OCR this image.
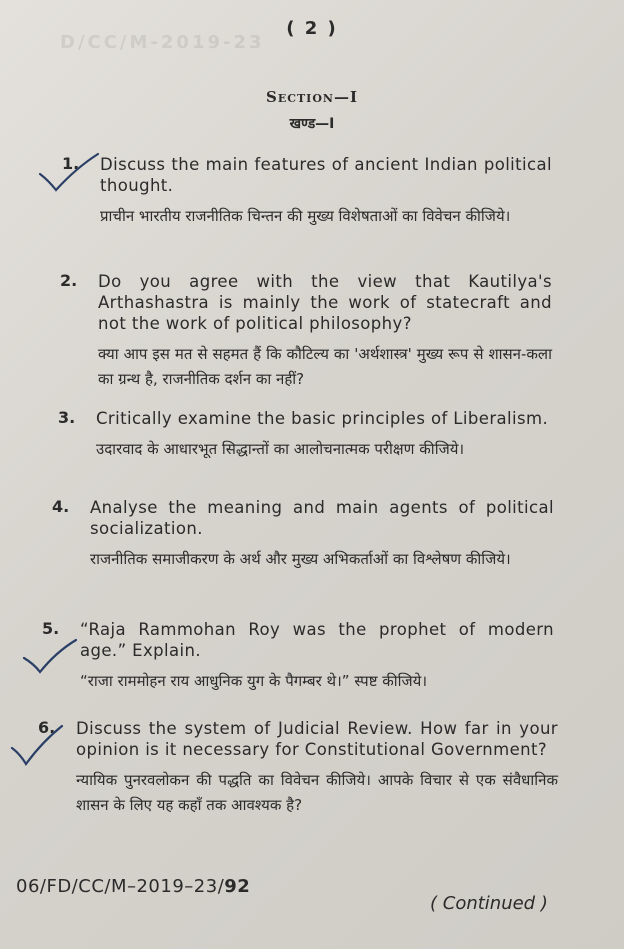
D/CC/M-2019-23
( 2 )
Section—I
खण्ड—I
1.	Discuss the main features of ancient Indian political thought.
प्राचीन भारतीय राजनीतिक चिन्तन की मुख्य विशेषताओं का विवेचन कीजिये।
2.	Do you agree with the view that Kautilya's Arthashastra is mainly the work of statecraft and not the work of political philosophy?
क्या आप इस मत से सहमत हैं कि कौटिल्य का 'अर्थशास्त्र' मुख्य रूप से शासन-कला का ग्रन्थ है, राजनीतिक दर्शन का नहीं?
3.	Critically examine the basic principles of Liberalism.
उदारवाद के आधारभूत सिद्धान्तों का आलोचनात्मक परीक्षण कीजिये।
4.	Analyse the meaning and main agents of political socialization.
राजनीतिक समाजीकरण के अर्थ और मुख्य अभिकर्ताओं का विश्लेषण कीजिये।
5.	“Raja Rammohan Roy was the prophet of modern age.” Explain.
“राजा राममोहन राय आधुनिक युग के पैगम्बर थे।” स्पष्ट कीजिये।
6.	Discuss the system of Judicial Review. How far in your opinion is it necessary for Constitutional Government?
न्यायिक पुनरवलोकन की पद्धति का विवेचन कीजिये। आपके विचार से एक संवैधानिक शासन के लिए यह कहाँ तक आवश्यक है?
06/FD/CC/M–2019–23/92
( Continued )
